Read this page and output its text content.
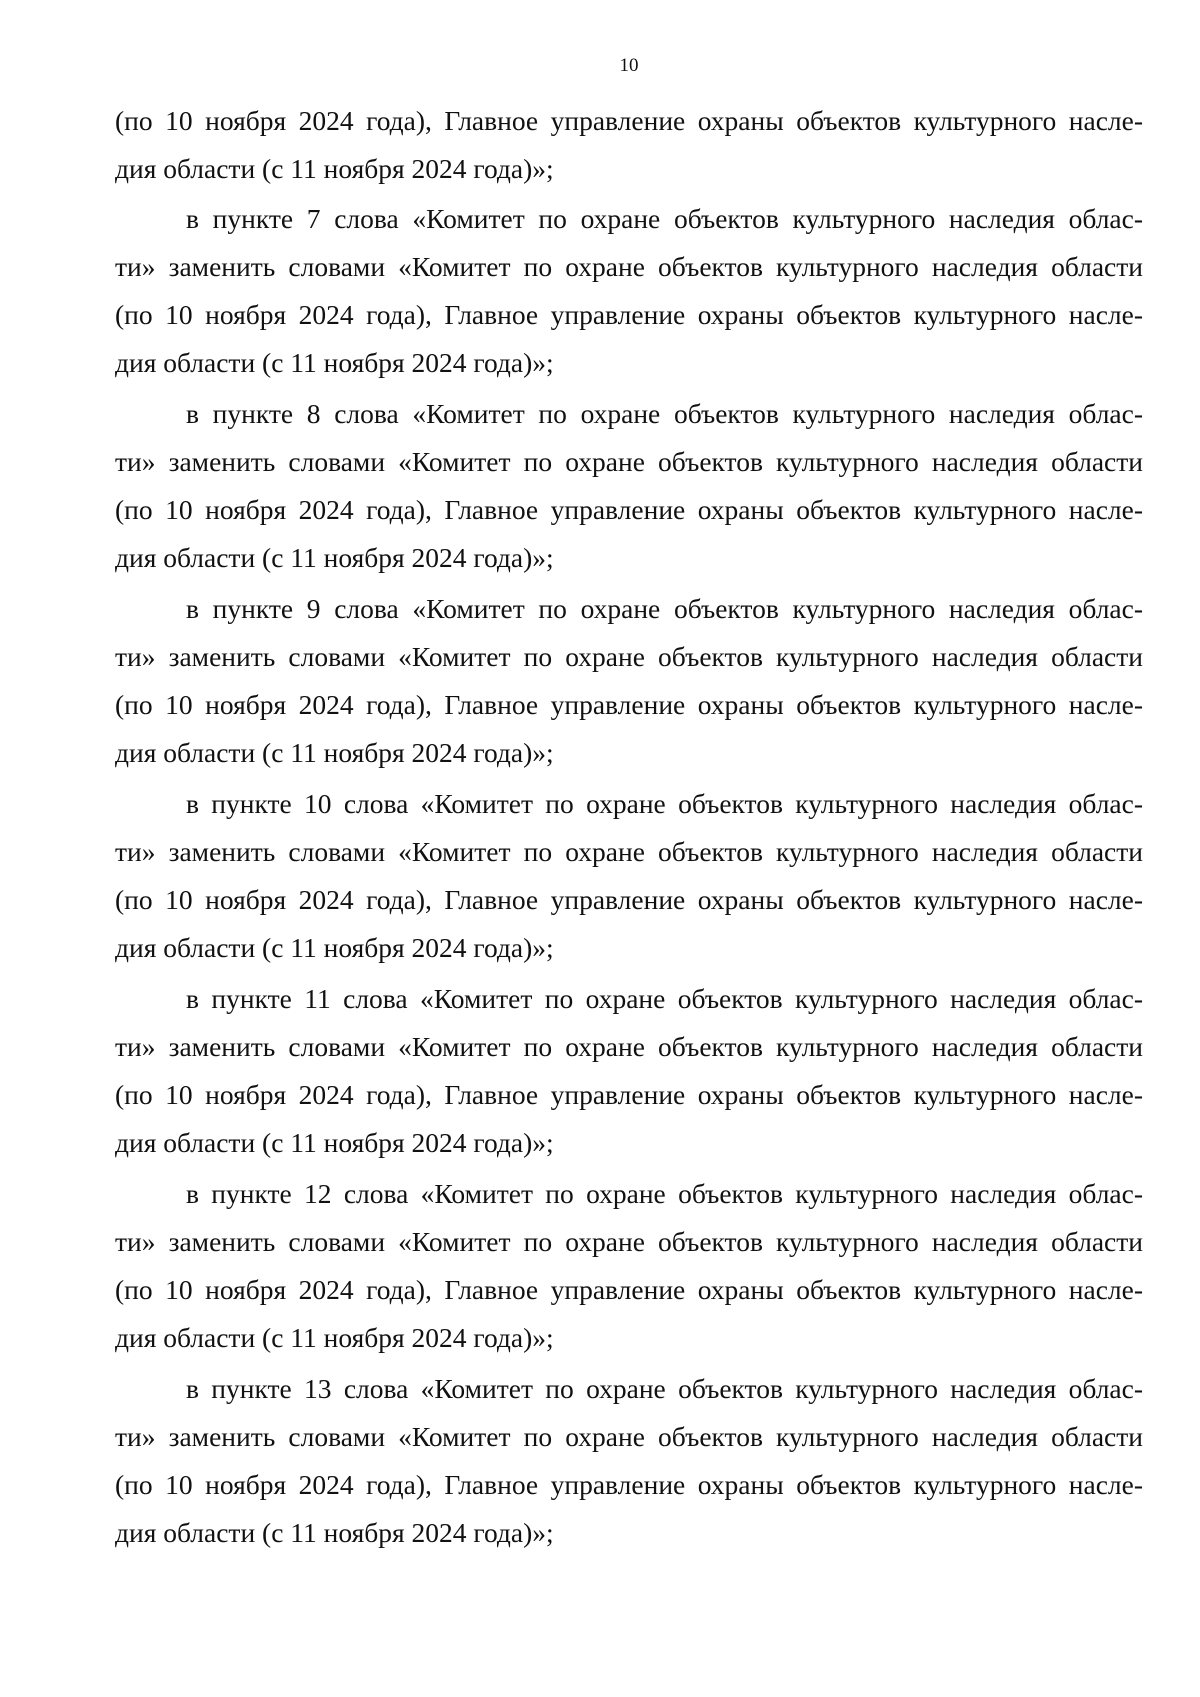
10
(по 10 ноября 2024 года), Главное управление охраны объектов культурного насле-
дия области (с 11 ноября 2024 года)»;
в пункте 7 слова «Комитет по охране объектов культурного наследия облас-
ти» заменить словами «Комитет по охране объектов культурного наследия области
(по 10 ноября 2024 года), Главное управление охраны объектов культурного насле-
дия области (с 11 ноября 2024 года)»;
в пункте 8 слова «Комитет по охране объектов культурного наследия облас-
ти» заменить словами «Комитет по охране объектов культурного наследия области
(по 10 ноября 2024 года), Главное управление охраны объектов культурного насле-
дия области (с 11 ноября 2024 года)»;
в пункте 9 слова «Комитет по охране объектов культурного наследия облас-
ти» заменить словами «Комитет по охране объектов культурного наследия области
(по 10 ноября 2024 года), Главное управление охраны объектов культурного насле-
дия области (с 11 ноября 2024 года)»;
в пункте 10 слова «Комитет по охране объектов культурного наследия облас-
ти» заменить словами «Комитет по охране объектов культурного наследия области
(по 10 ноября 2024 года), Главное управление охраны объектов культурного насле-
дия области (с 11 ноября 2024 года)»;
в пункте 11 слова «Комитет по охране объектов культурного наследия облас-
ти» заменить словами «Комитет по охране объектов культурного наследия области
(по 10 ноября 2024 года), Главное управление охраны объектов культурного насле-
дия области (с 11 ноября 2024 года)»;
в пункте 12 слова «Комитет по охране объектов культурного наследия облас-
ти» заменить словами «Комитет по охране объектов культурного наследия области
(по 10 ноября 2024 года), Главное управление охраны объектов культурного насле-
дия области (с 11 ноября 2024 года)»;
в пункте 13 слова «Комитет по охране объектов культурного наследия облас-
ти» заменить словами «Комитет по охране объектов культурного наследия области
(по 10 ноября 2024 года), Главное управление охраны объектов культурного насле-
дия области (с 11 ноября 2024 года)»;
